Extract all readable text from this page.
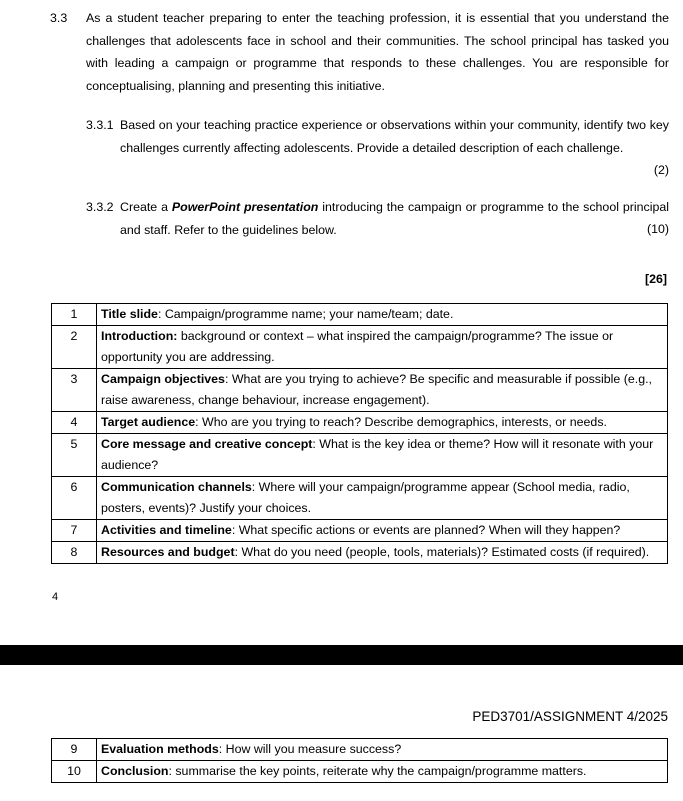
3.3 As a student teacher preparing to enter the teaching profession, it is essential that you understand the challenges that adolescents face in school and their communities. The school principal has tasked you with leading a campaign or programme that responds to these challenges. You are responsible for conceptualising, planning and presenting this initiative.
3.3.1 Based on your teaching practice experience or observations within your community, identify two key challenges currently affecting adolescents. Provide a detailed description of each challenge.
(2)
3.3.2 Create a PowerPoint presentation introducing the campaign or programme to the school principal and staff. Refer to the guidelines below.	(10)
[26]
1	Title slide: Campaign/programme name; your name/team; date.
2	Introduction: background or context – what inspired the campaign/programme? The issue or opportunity you are addressing.
3	Campaign objectives: What are you trying to achieve? Be specific and measurable if possible (e.g., raise awareness, change behaviour, increase engagement).
4	Target audience: Who are you trying to reach? Describe demographics, interests, or needs.
5	Core message and creative concept: What is the key idea or theme? How will it resonate with your audience?
6	Communication channels: Where will your campaign/programme appear (School media, radio, posters, events)? Justify your choices.
7	Activities and timeline: What specific actions or events are planned? When will they happen?
8	Resources and budget: What do you need (people, tools, materials)? Estimated costs (if required).
4
PED3701/ASSIGNMENT 4/2025
9	Evaluation methods: How will you measure success?
10	Conclusion: summarise the key points, reiterate why the campaign/programme matters.
